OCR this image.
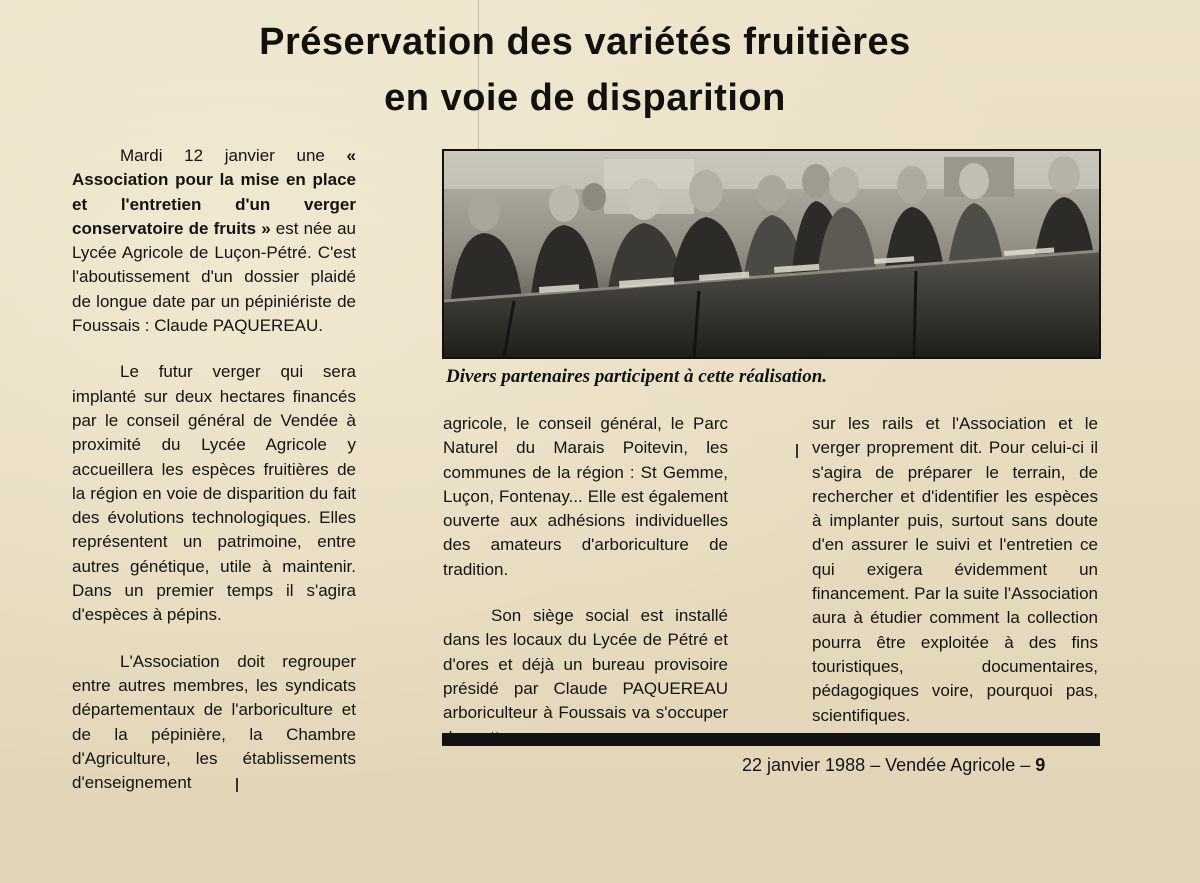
Préservation des variétés fruitières
en voie de disparition

Mardi 12 janvier une « Association pour la mise en place et l'entretien d'un verger conservatoire de fruits » est née au Lycée Agricole de Luçon-Pétré. C'est l'aboutissement d'un dossier plaidé de longue date par un pépiniériste de Foussais : Claude PAQUEREAU.

Le futur verger qui sera implanté sur deux hectares financés par le conseil général de Vendée à proximité du Lycée Agricole y accueillera les espèces fruitières de la région en voie de disparition du fait des évolutions technologiques. Elles représentent un patrimoine, entre autres génétique, utile à maintenir. Dans un premier temps il s'agira d'espèces à pépins.

L'Association doit regrouper entre autres membres, les syndicats départementaux de l'arboriculture et de la pépinière, la Chambre d'Agriculture, les établissements d'enseignement

Divers partenaires participent à cette réalisation.

agricole, le conseil général, le Parc Naturel du Marais Poitevin, les communes de la région : St Gemme, Luçon, Fontenay... Elle est également ouverte aux adhésions individuelles des amateurs d'arboriculture de tradition.

Son siège social est installé dans les locaux du Lycée de Pétré et d'ores et déjà un bureau provisoire présidé par Claude PAQUEREAU arboriculteur à Foussais va s'occuper

sur les rails et l'Association et le verger proprement dit. Pour celui-ci il s'agira de préparer le terrain, de rechercher et d'identifier les espèces à implanter puis, surtout sans doute d'en assurer le suivi et l'entretien ce qui exigera évidemment un financement. Par la suite l'Association aura à étudier comment la collection pourra être exploitée à des fins touristiques, documentaires, pédagogiques voire, pourquoi pas, scientifiques.

22 janvier 1988 – Vendée Agricole – 9
